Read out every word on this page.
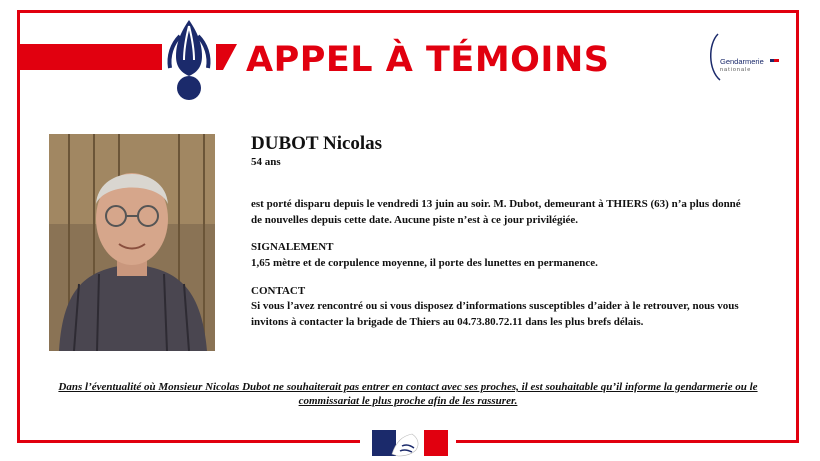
APPEL À TÉMOINS	Gendarmerie
nationale
DUBOT Nicolas
54 ans
est porté disparu depuis le vendredi 13 juin au soir. M. Dubot, demeurant à THIERS (63) n’a plus donné de nouvelles depuis cette date. Aucune piste n’est à ce jour privilégiée.
SIGNALEMENT
1,65 mètre et de corpulence moyenne, il porte des lunettes en permanence.
CONTACT
Si vous l’avez rencontré ou si vous disposez d’informations susceptibles d’aider à le retrouver, nous vous invitons à contacter la brigade de Thiers au 04.73.80.72.11 dans les plus brefs délais.
Dans l’éventualité où Monsieur Nicolas Dubot ne souhaiterait pas entrer en contact avec ses proches, il est souhaitable qu’il informe la gendarmerie ou le commissariat le plus proche afin de les rassurer.
